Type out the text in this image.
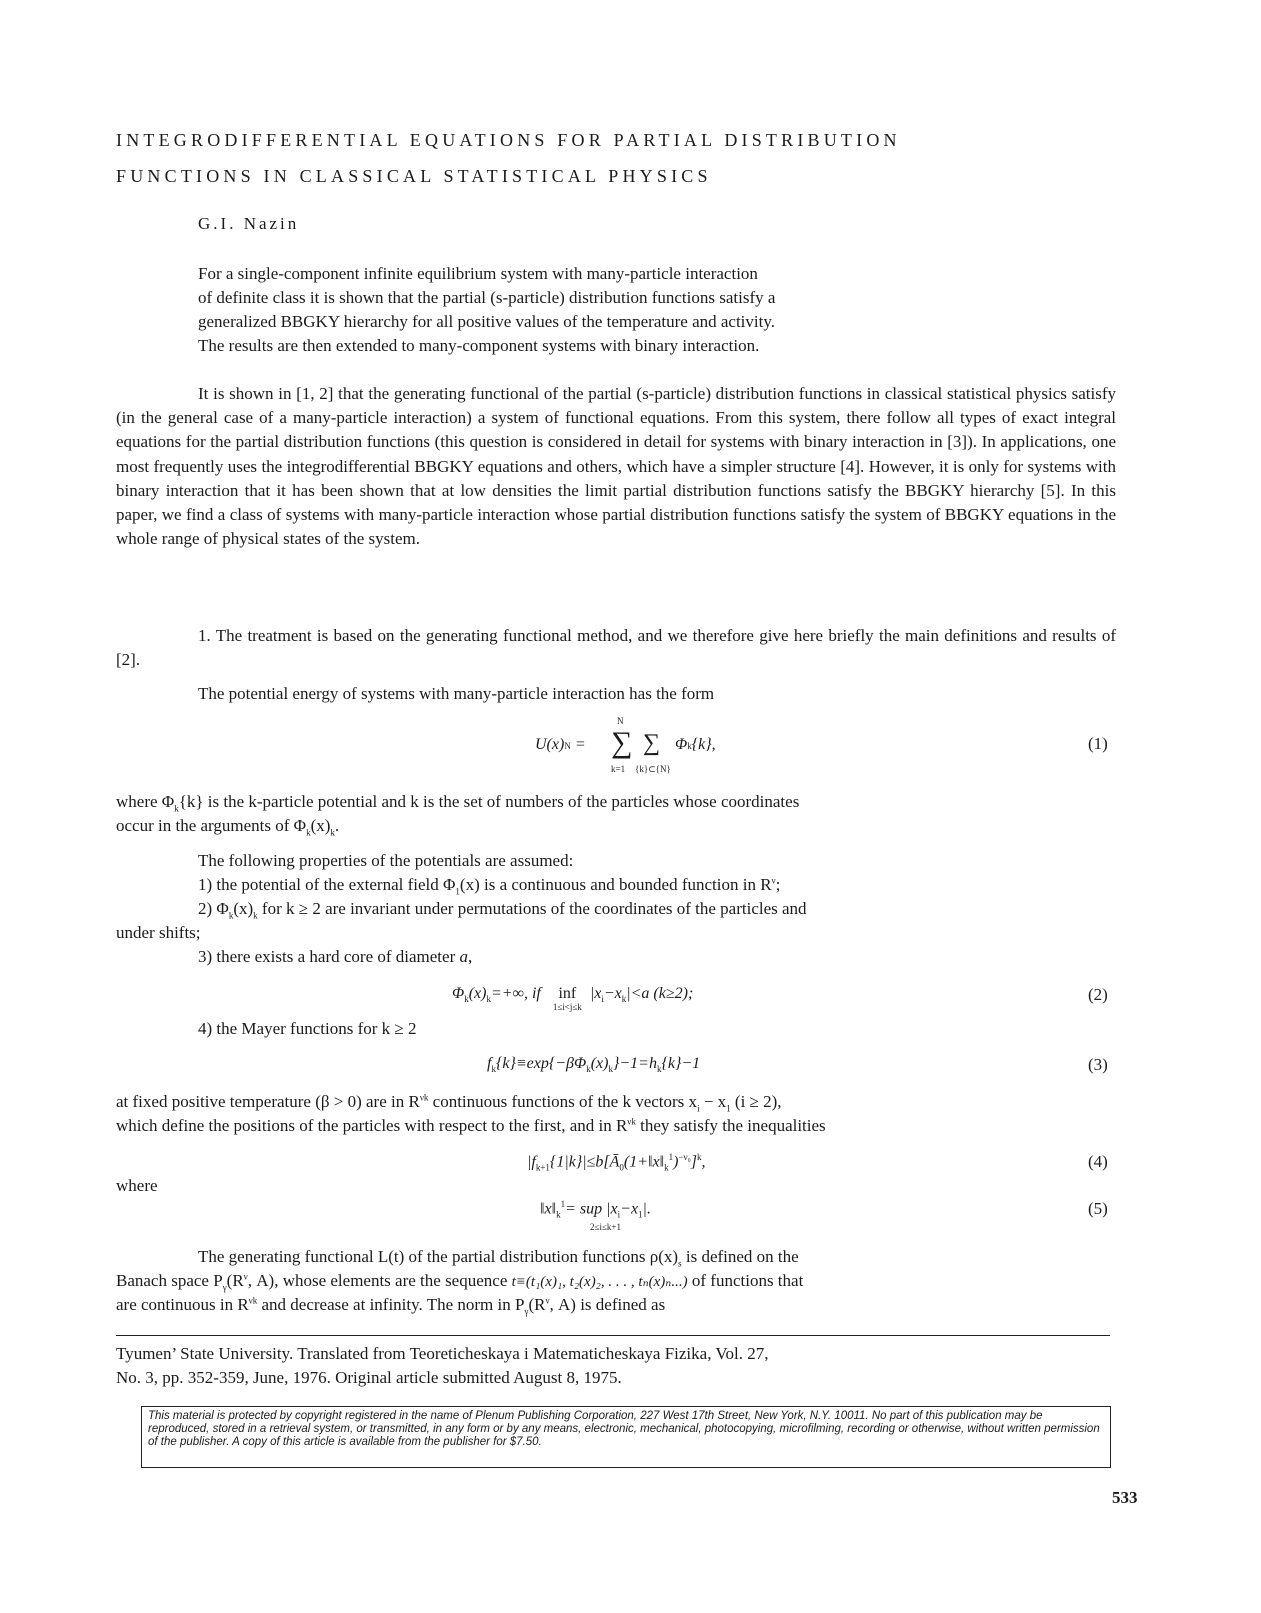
INTEGRODIFFERENTIAL EQUATIONS FOR PARTIAL DISTRIBUTION
FUNCTIONS IN CLASSICAL STATISTICAL PHYSICS
G.I. Nazin

For a single-component infinite equilibrium system with many-particle interaction

of definite class it is shown that the partial (s-particle) distribution functions satisfy a

generalized BBGKY hierarchy for all positive values of the temperature and activity.

The results are then extended to many-component systems with binary interaction.

It is shown in [1, 2] that the generating functional of the partial (s-particle) distribution functions in classical statistical physics satisfy (in the general case of a many-particle interaction) a system of functional equations. From this system, there follow all types of exact integral equations for the partial distribution functions (this question is considered in detail for systems with binary interaction in [3]). In applications, one most frequently uses the integrodifferential BBGKY equations and others, which have a simpler structure [4]. However, it is only for systems with binary interaction that it has been shown that at low densities the limit partial distribution functions satisfy the BBGKY hierarchy [5]. In this paper, we find a class of systems with many-particle interaction whose partial distribution functions satisfy the system of BBGKY equations in the whole range of physical states of the system.

1. The treatment is based on the generating functional method, and we therefore give here briefly the main definitions and results of [2].

The potential energy of systems with many-particle interaction has the form
U(x)N =
N
∑
k=1
∑
{k}⊂{N}
Φk{k},	(1)
where $\Phi_k\{k\}$ is the k-particle potential and k is the set of numbers of the particles whose coordinates
occur in the arguments of $\Phi_k(x)_k$.
The following properties of the potentials are assumed:
1) the potential of the external field $\Phi_1(x)$ is a continuous and bounded function in $R^\nu$;
2) $\Phi_k(x)_k$ for k ≥ 2 are invariant under permutations of the coordinates of the particles and
under shifts;
3) there exists a hard core of diameter a,
$\Phi_k(x)_k=+\infty$, if inf
$^{1\le i<j\le k}$  $|x_i-x_k|<a$ (k≥2);	(2)
4) the Mayer functions for k ≥ 2
$f_k\{k\}\equiv\exp\{-\beta\Phi_k(x)_k\}-1=h_k\{k\}-1$	(3)
at fixed positive temperature (β > 0) are in $R^{\nu k}$ continuous functions of the k vectors $x_i - x_1$ (i ≥ 2),
which define the positions of the particles with respect to the first, and in $R^{\nu k}$ they satisfy the inequalities
$|f_{k+1}\{1|k\}|\le b[Ā_0(1+‖x‖_k^1)^{-\nu_0}]^k$,	(4)
where
$‖x‖_k^1=$ sup $|x_i-x_1|$.
2≤i≤k+1
(5)
The generating functional L(t) of the partial distribution functions $\rho(x)_s$ is defined on the
Banach space $P_\gamma(R^\nu$, A), whose elements are the sequence t≡(t₁(x)₁, t₂(x)₂, . . . , tₙ(x)ₙ...) of functions that
are continuous in $R^{\nu k}$ and decrease at infinity. The norm in $P_\gamma(R^\nu$, A) is defined as

Tyumen’ State University. Translated from Teoreticheskaya i Matematicheskaya Fizika, Vol. 27,

No. 3, pp. 352-359, June, 1976. Original article submitted August 8, 1975.

This material is protected by copyright registered in the name of Plenum Publishing Corporation, 227 West 17th Street, New York, N.Y. 10011. No part of this publication may be reproduced, stored in a retrieval system, or transmitted, in any form or by any means, electronic, mechanical, photocopying, microfilming, recording or otherwise, without written permission of the publisher. A copy of this article is available from the publisher for $7.50.
533
